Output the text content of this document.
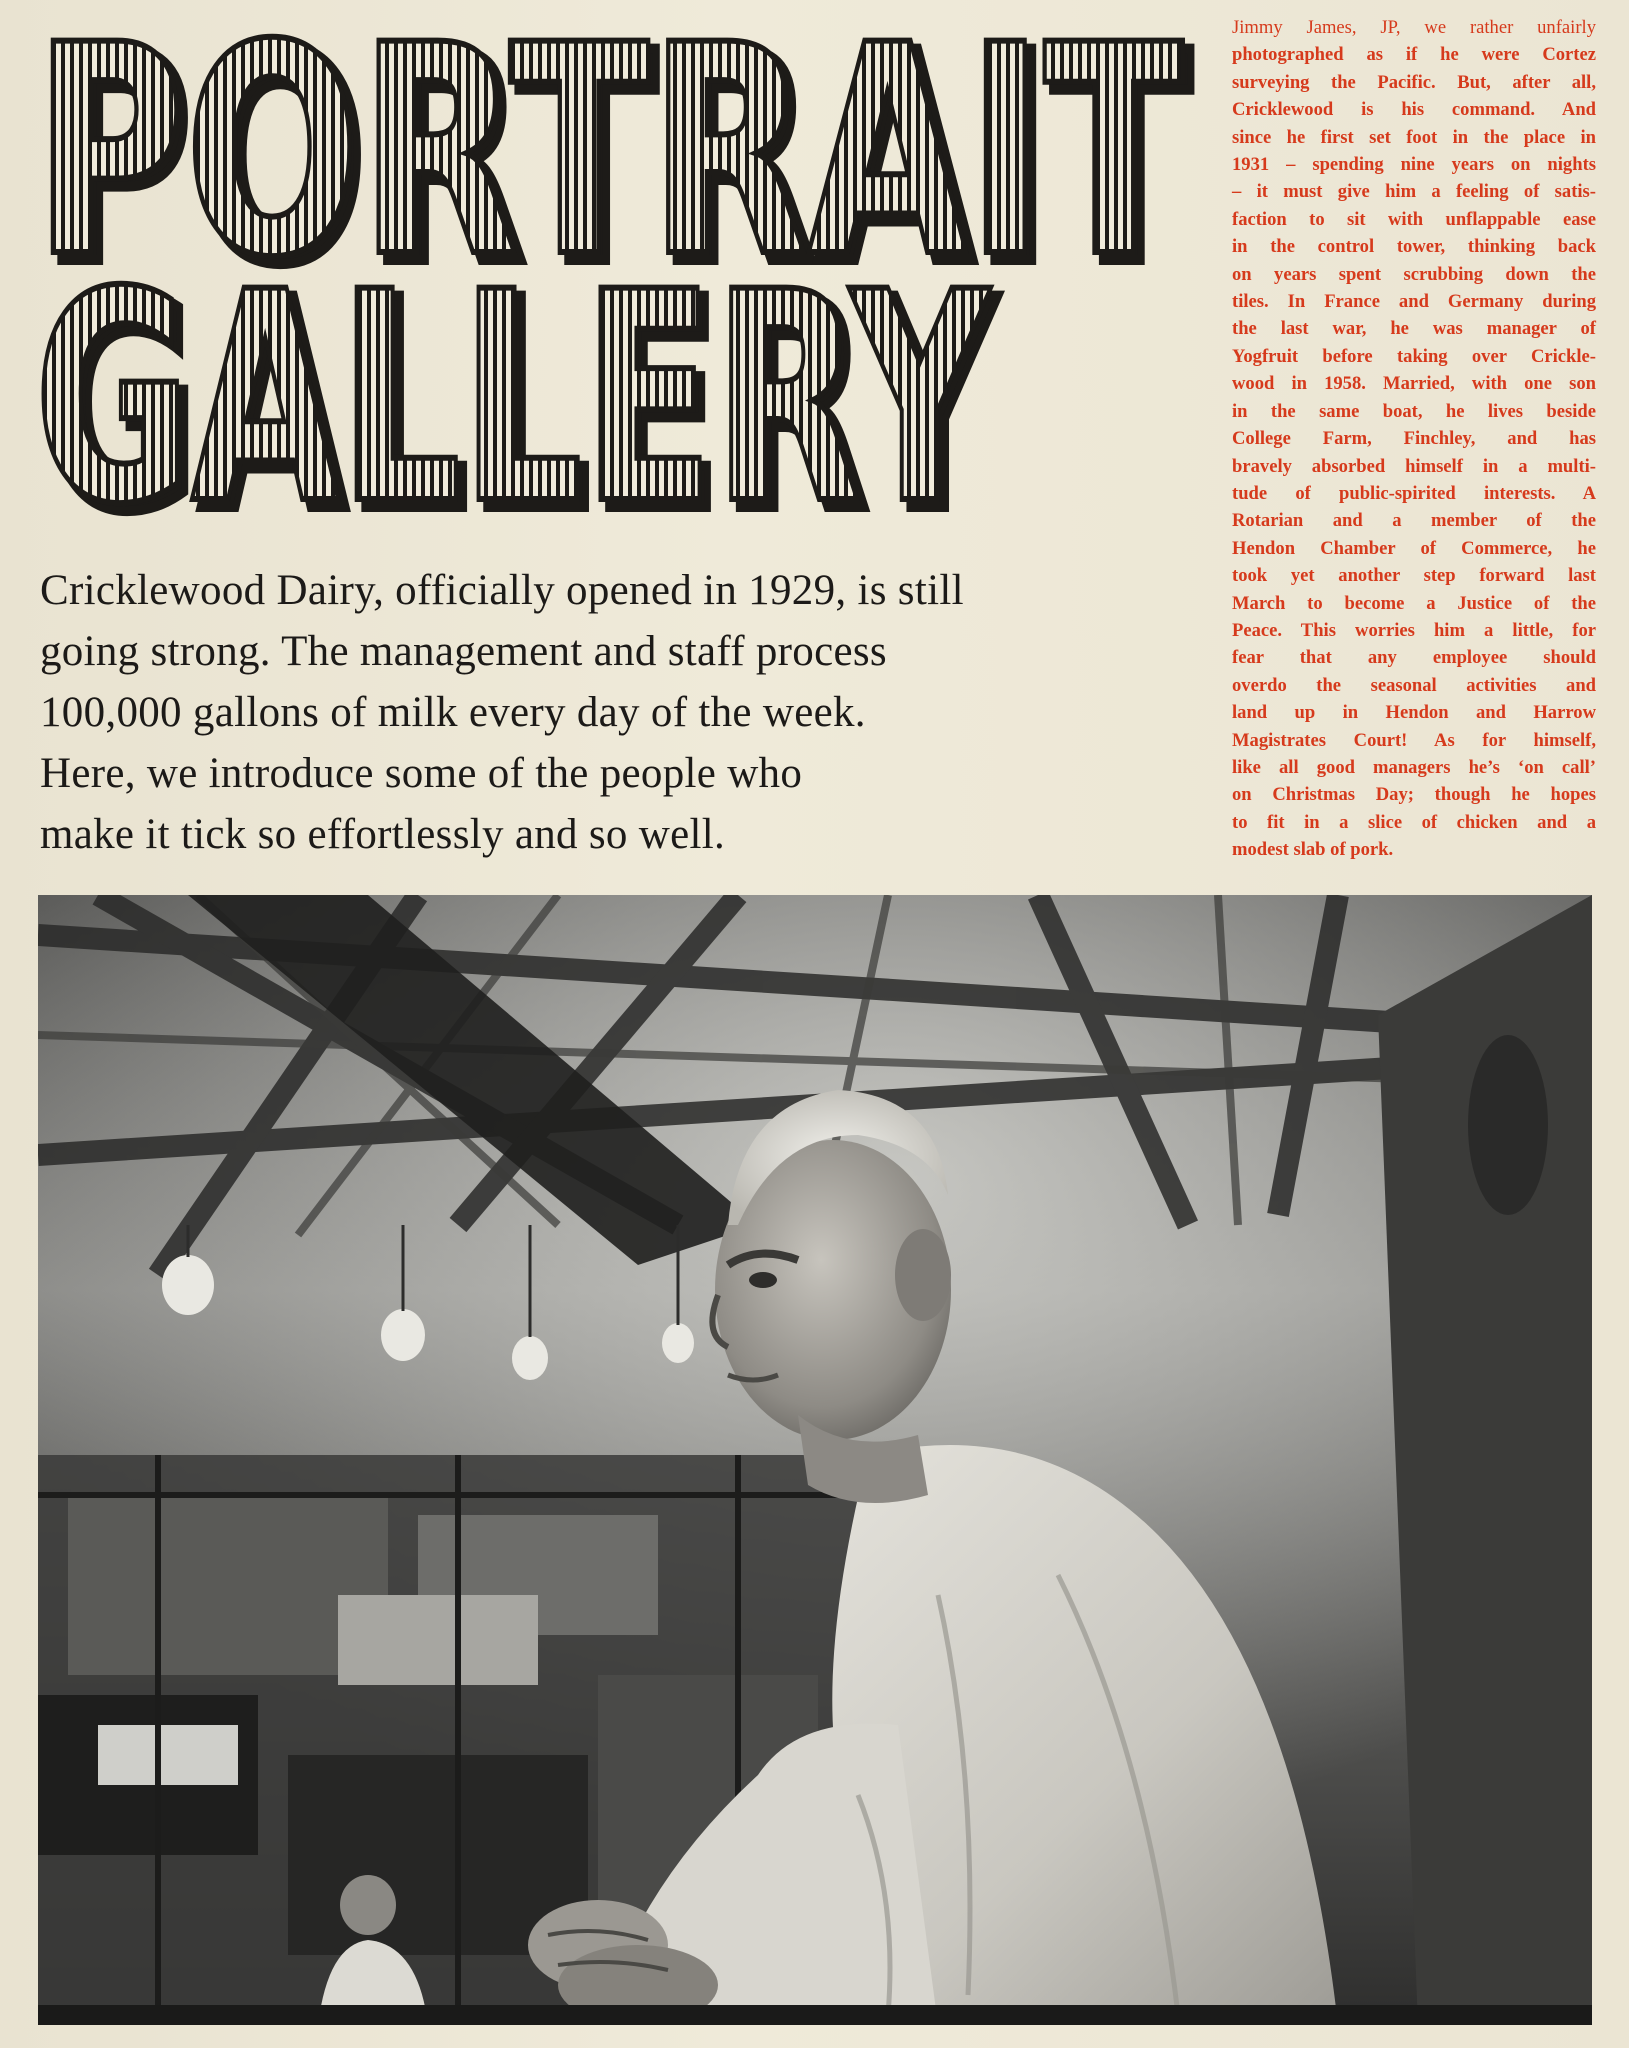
PORTRAIT
PORTRAIT
GALLERY
GALLERY
Cricklewood Dairy, officially opened in 1929, is still
going strong. The management and staff process
100,000 gallons of milk every day of the week.
Here, we introduce some of the people who
make it tick so effortlessly and so well.
Jimmy James, JP, we rather unfairly
photographed as if he were Cortez
surveying the Pacific. But, after all,
Cricklewood is his command. And
since he first set foot in the place in
1931 – spending nine years on nights
– it must give him a feeling of satis-
faction to sit with unflappable ease
in the control tower, thinking back
on years spent scrubbing down the
tiles. In France and Germany during
the last war, he was manager of
Yogfruit before taking over Crickle-
wood in 1958. Married, with one son
in the same boat, he lives beside
College Farm, Finchley, and has
bravely absorbed himself in a multi-
tude of public-spirited interests. A
Rotarian and a member of the
Hendon Chamber of Commerce, he
took yet another step forward last
March to become a Justice of the
Peace. This worries him a little, for
fear that any employee should
overdo the seasonal activities and
land up in Hendon and Harrow
Magistrates Court! As for himself,
like all good managers he’s ‘on call’
on Christmas Day; though he hopes
to fit in a slice of chicken and a
modest slab of pork.
